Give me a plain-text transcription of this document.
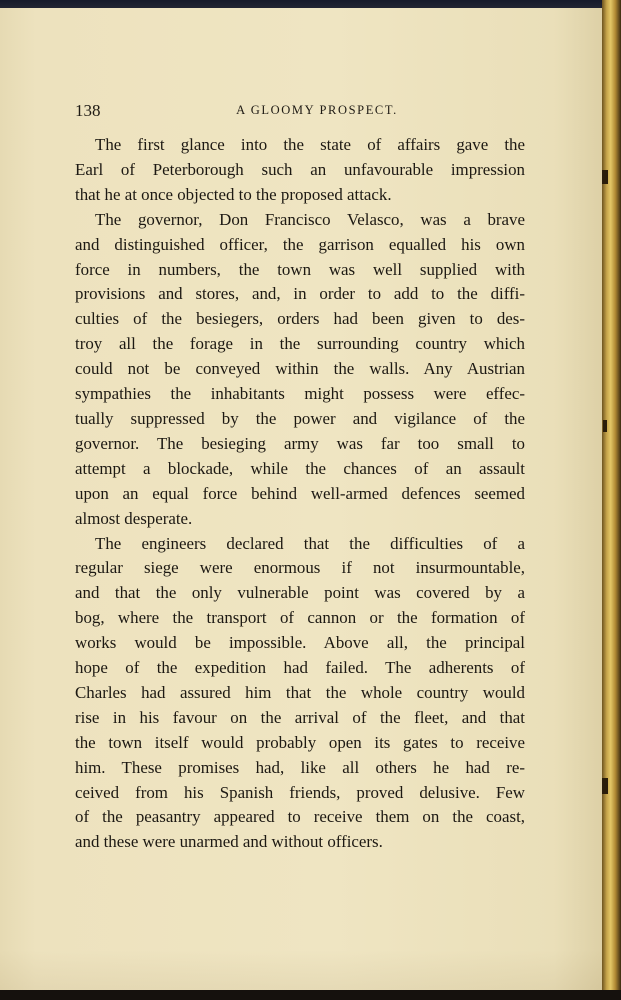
138	A GLOOMY PROSPECT.
The first glance into the state of affairs gave the
Earl of Peterborough such an unfavourable impression
that he at once objected to the proposed attack.
The governor, Don Francisco Velasco, was a brave
and distinguished officer, the garrison equalled his own
force in numbers, the town was well supplied with
provisions and stores, and, in order to add to the diffi-
culties of the besiegers, orders had been given to des-
troy all the forage in the surrounding country which
could not be conveyed within the walls. Any Austrian
sympathies the inhabitants might possess were effec-
tually suppressed by the power and vigilance of the
governor. The besieging army was far too small to
attempt a blockade, while the chances of an assault
upon an equal force behind well-armed defences seemed
almost desperate.
The engineers declared that the difficulties of a
regular siege were enormous if not insurmountable,
and that the only vulnerable point was covered by a
bog, where the transport of cannon or the formation of
works would be impossible. Above all, the principal
hope of the expedition had failed. The adherents of
Charles had assured him that the whole country would
rise in his favour on the arrival of the fleet, and that
the town itself would probably open its gates to receive
him. These promises had, like all others he had re-
ceived from his Spanish friends, proved delusive. Few
of the peasantry appeared to receive them on the coast,
and these were unarmed and without officers.
